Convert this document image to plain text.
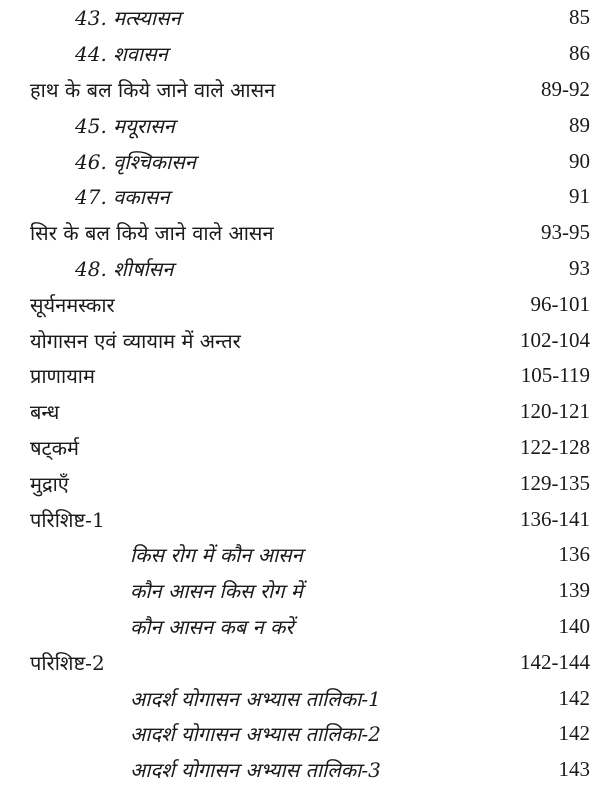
43. मत्स्यासन	85
44. शवासन	86
हाथ के बल किये जाने वाले आसन	89-92
45. मयूरासन	89
46. वृश्चिकासन	90
47. वकासन	91
सिर के बल किये जाने वाले आसन	93-95
48. शीर्षासन	93
सूर्यनमस्कार	96-101
योगासन एवं व्यायाम में अन्तर	102-104
प्राणायाम	105-119
बन्ध	120-121
षट्कर्म	122-128
मुद्राएँ	129-135
परिशिष्ट-1	136-141
किस रोग में कौन आसन	136
कौन आसन किस रोग में	139
कौन आसन कब न करें	140
परिशिष्ट-2	142-144
आदर्श योगासन अभ्यास तालिका-1	142
आदर्श योगासन अभ्यास तालिका-2	142
आदर्श योगासन अभ्यास तालिका-3	143
